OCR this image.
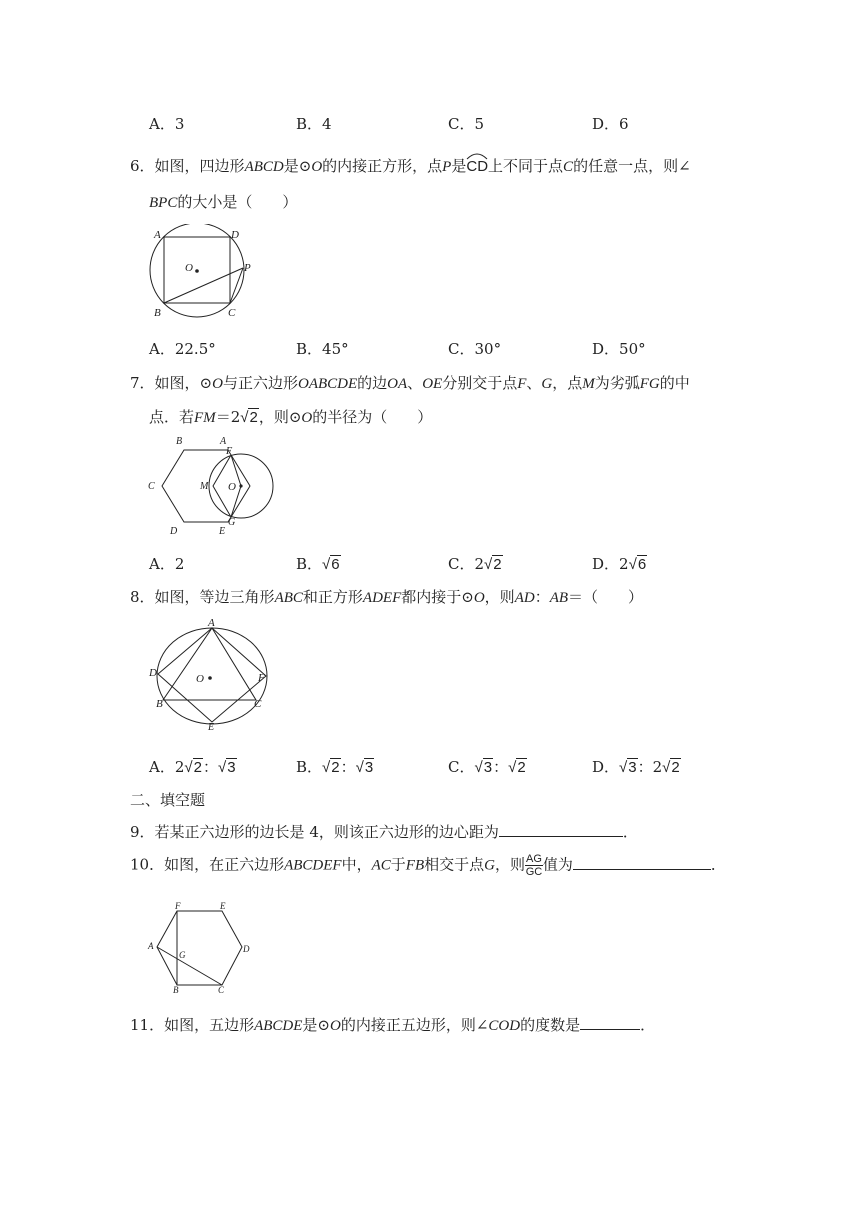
A．3	B．4	C．5	D．6
6．如图，四边形ABCD是⊙O的内接正方形，点P是
CD上不同于点C的任意一点，则∠
BPC的大小是（　　）
A	D
O	P
B	C
A．22.5°	B．45°	C．30°	D．50°
7．如图，⊙O与正六边形OABCDE的边OA、OE分别交于点F、G，点M为劣弧FG的中
点．若FM＝2√2，则⊙O的半径为（　　）
B	A
F
C	M O
D	E
G
A．2	B．√6	C．2√2	D．2√6
8．如图，等边三角形ABC和正方形ADEF都内接于⊙O，则AD：AB＝（　　）
A
D	O	F
B	C
E
A．2√2：√3	B．√2：√3	C．√3：√2	D．√3：2√2
二、填空题
9．若某正六边形的边长是 4，则该正六边形的边心距为	．
10．如图，在正六边形ABCDEF中，AC于FB相交于点G，则 $\frac{AG}{GC}$ 值为	．
F	E
A
G
D
B	C
11．如图，五边形ABCDE是⊙O的内接正五边形，则∠COD的度数是	．
